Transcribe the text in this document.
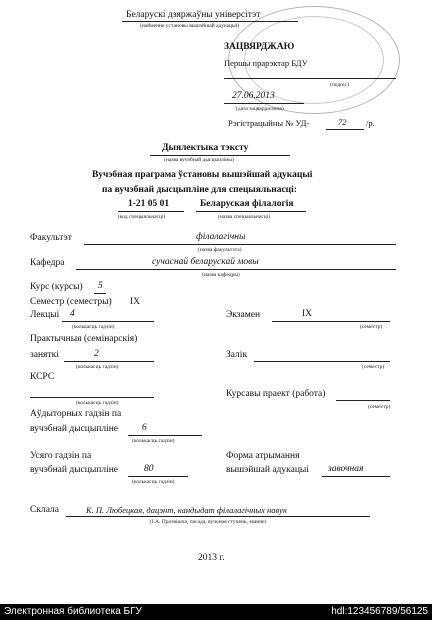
Беларускі дзяржаўны універсітэт
(найменне установы вышэйшай адукацыі)
ЗАЦВЯРДЖАЮ
Першы прарэктар БДУ
(подпіс)
27.06.2013
(дата зацвярджэння)
Рэгістрацыйны № УД-	72 /р.
Дыялектыка тэксту
(назва вучэбнай дысцыпліны)
Вучэбная праграма ўстановы вышэйшай адукацыі
па вучэбнай дысцыпліне для спецыяльнасці:
1-21 05 01	Беларуская філалогія
(код спецыяльнасці)	(назва спецыяльнасці)
Факультэт	філалагічны
(назва факультэта)
Кафедра	сучаснай беларускай мовы
(назва кафедры)
Курс (курсы) 5
Семестр (семестры) IX
Лекцыі 4
(колькасць гадзін)
Экзамен	IX
(семестр)
Практычныя (семінарскія)
заняткі	2
(колькасць гадзін)
Залік
(семестр)
КСРС
(колькасць гадзін)
Курсавы праект (работа)
(семестр)
Аўдыторных гадзін па
вучэбнай дысцыпліне	6
(колькасць гадзін)
Усяго гадзін па
вучэбнай дысцыпліне	80
(колькасць гадзін)
Форма атрымання
вышэйшай адукацыі завочная
Склала	К. П. Любецкая, дацэнт, кандыдат філалагічных навук
(І.А. Прозвішча, пасада, вучоная ступень, званне)
2013 г.
Электронная библиотека БГУ	hdl:123456789/56125
